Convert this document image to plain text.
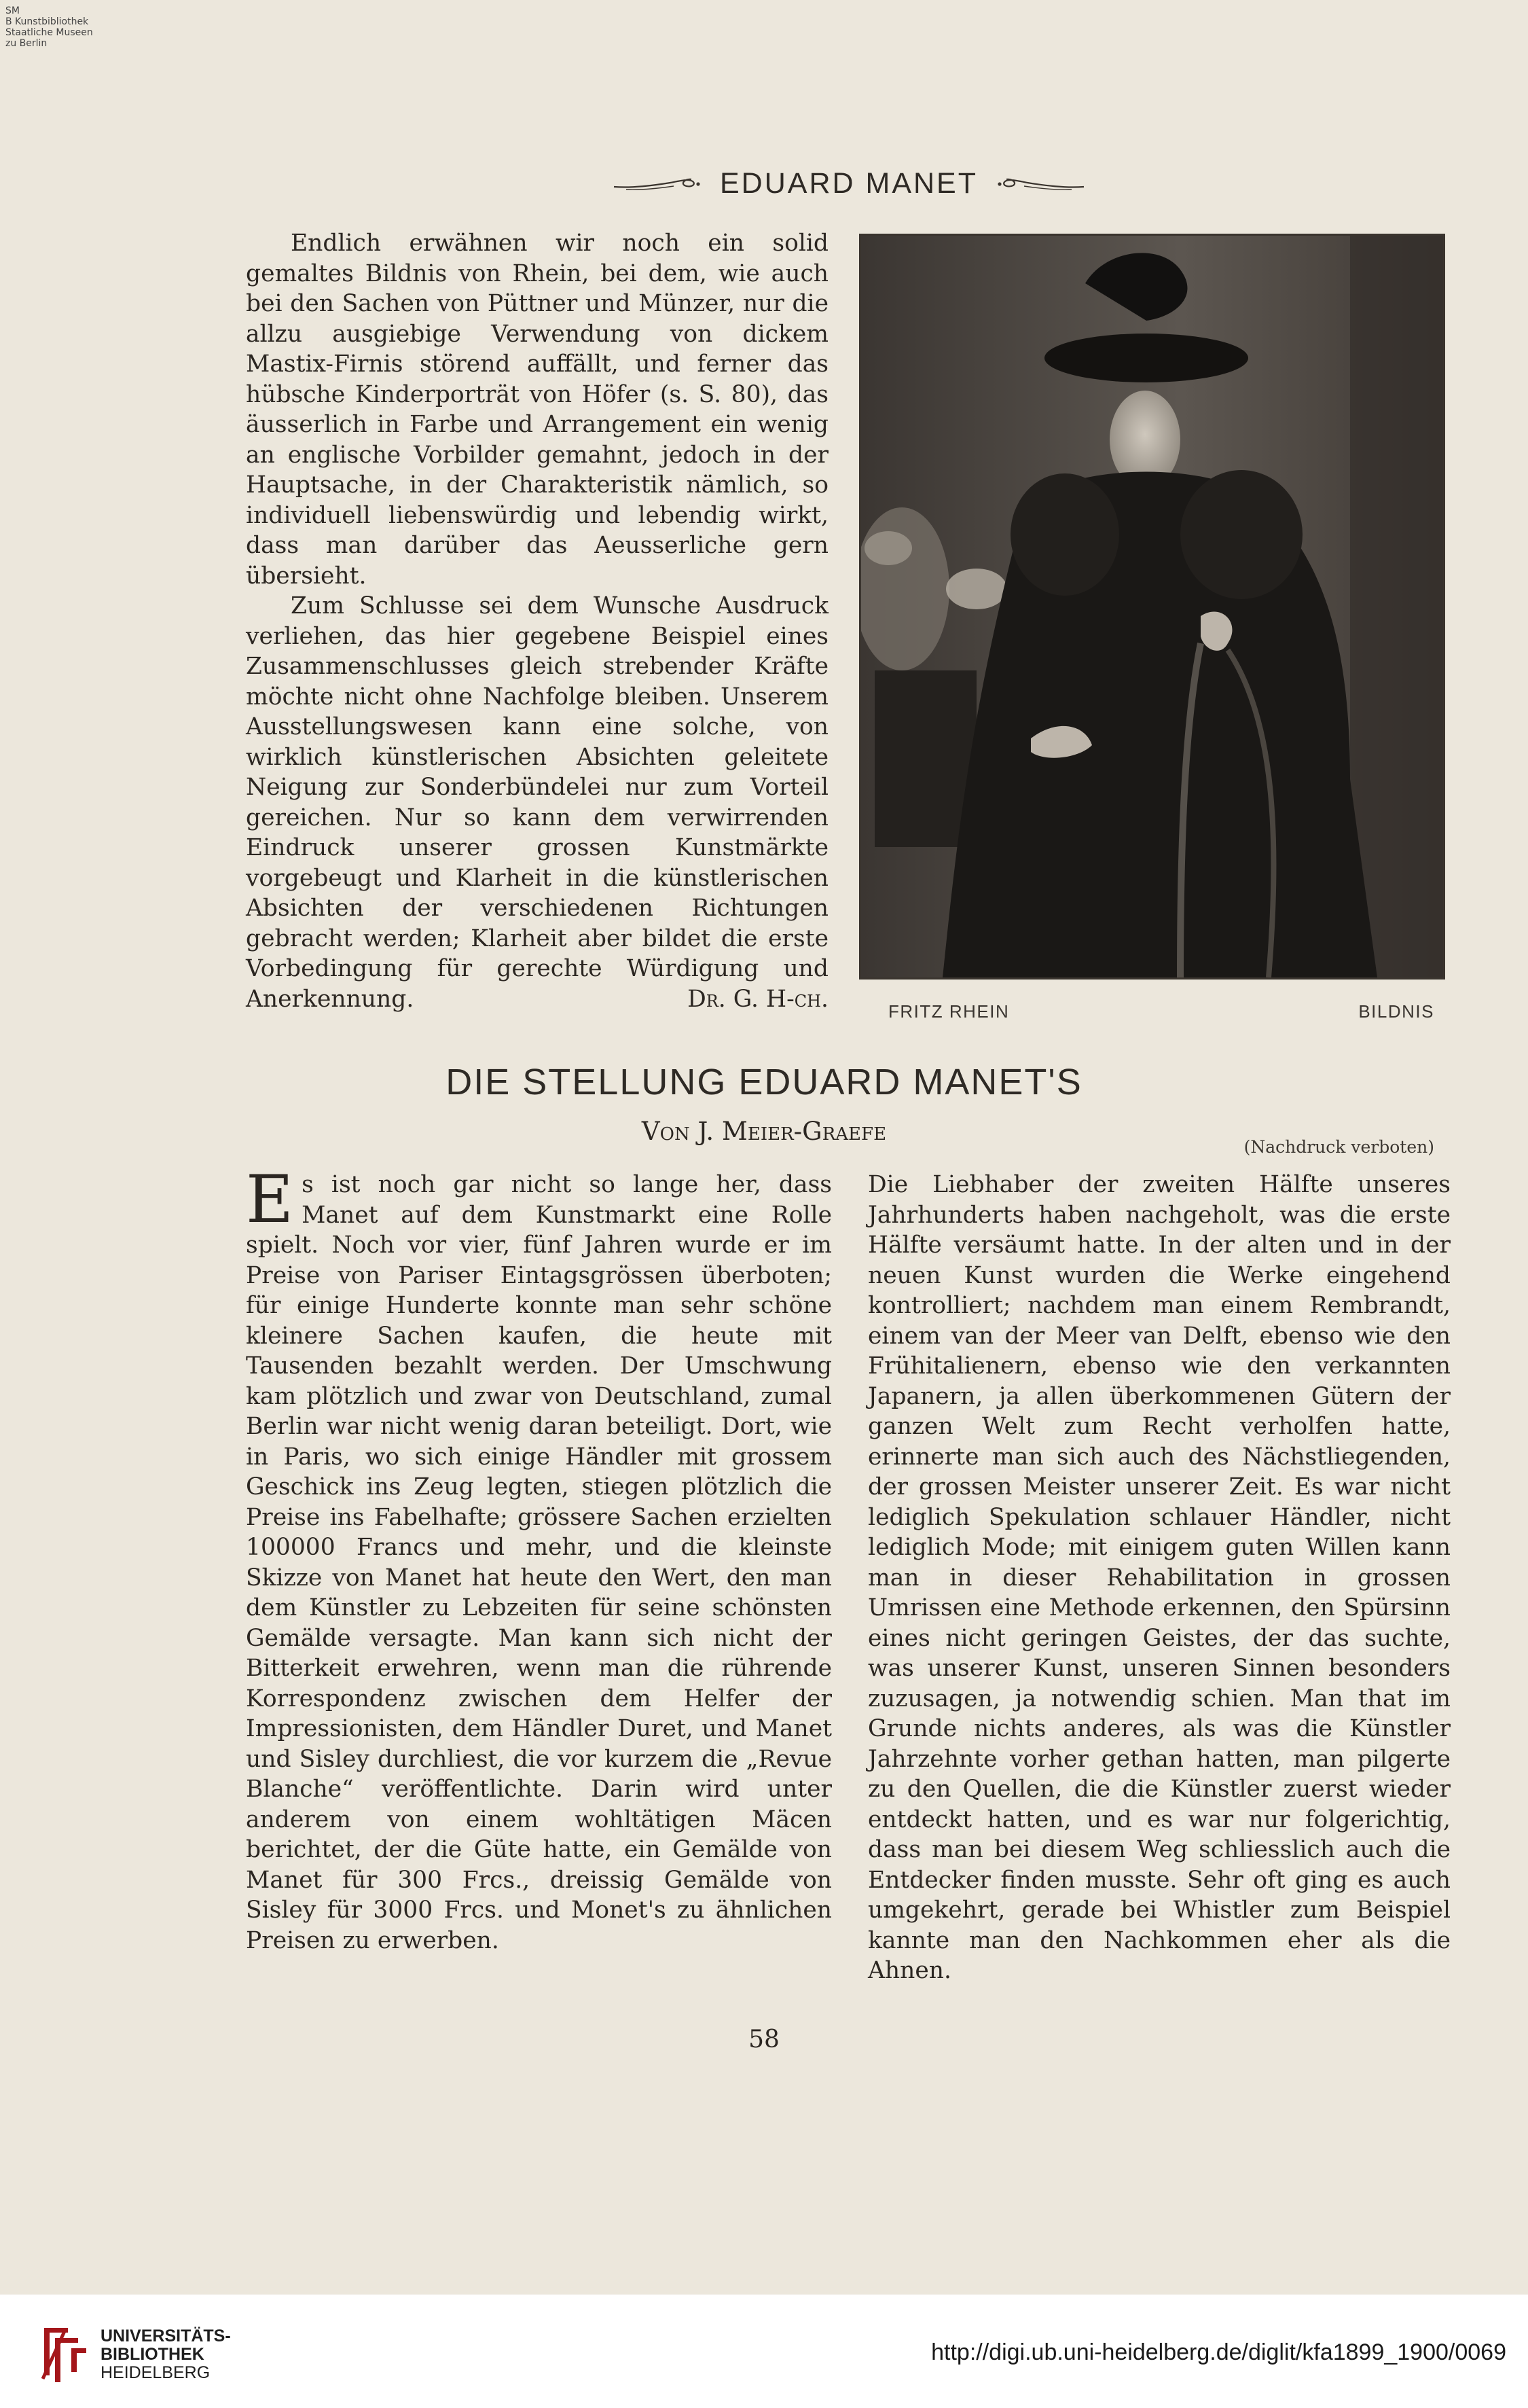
SM
B Kunstbibliothek
Staatliche Museen
zu Berlin
EDUARD MANET

Endlich erwähnen wir noch ein solid gemaltes Bildnis von Rhein, bei dem, wie auch bei den Sachen von Püttner und Münzer, nur die allzu ausgiebige Verwendung von dickem Mastix-Firnis störend auffällt, und ferner das hübsche Kinderporträt von Höfer (s. S. 80), das äusserlich in Farbe und Arrangement ein wenig an englische Vorbilder gemahnt, jedoch in der Hauptsache, in der Charakteristik nämlich, so individuell liebenswürdig und lebendig wirkt, dass man darüber das Aeusserliche gern übersieht.

Zum Schlusse sei dem Wunsche Ausdruck verliehen, das hier gegebene Beispiel eines Zusammenschlusses gleich strebender Kräfte möchte nicht ohne Nachfolge bleiben. Unserem Ausstellungswesen kann eine solche, von wirklich künstlerischen Absichten geleitete Neigung zur Sonderbündelei nur zum Vorteil gereichen. Nur so kann dem verwirrenden Eindruck unserer grossen Kunstmärkte vorgebeugt und Klarheit in die künstlerischen Absichten der verschiedenen Richtungen gebracht werden; Klarheit aber bildet die erste Vorbedingung für gerechte Würdigung und Anerkennung.	Dr. G. H-ch.	FRITZ RHEIN	BILDNIS
DIE STELLUNG EDUARD MANET'S
Von J. Meier-Graefe
(Nachdruck verboten)

E s ist noch gar nicht so lange her, dass Manet auf dem Kunstmarkt eine Rolle spielt. Noch vor vier, fünf Jahren wurde er im Preise von Pariser Eintagsgrössen überboten; für einige Hunderte konnte man sehr schöne kleinere Sachen kaufen, die heute mit Tausenden bezahlt werden. Der Umschwung kam plötzlich und zwar von Deutschland, zumal Berlin war nicht wenig daran beteiligt. Dort, wie in Paris, wo sich einige Händler mit grossem Geschick ins Zeug legten, stiegen plötzlich die Preise ins Fabelhafte; grössere Sachen erzielten 100000 Francs und mehr, und die kleinste Skizze von Manet hat heute den Wert, den man dem Künstler zu Lebzeiten für seine schönsten Gemälde versagte. Man kann sich nicht der Bitterkeit erwehren, wenn man die rührende Korrespondenz zwischen dem Helfer der Impressionisten, dem Händler Duret, und Manet und Sisley durchliest, die vor kurzem die „Revue Blanche“ veröffentlichte. Darin wird unter anderem von einem wohltätigen Mäcen berichtet, der die Güte hatte, ein Gemälde von Manet für 300 Frcs., dreissig Gemälde von Sisley für 3000 Frcs. und Monet's zu ähnlichen Preisen zu erwerben.

Die Liebhaber der zweiten Hälfte unseres Jahrhunderts haben nachgeholt, was die erste Hälfte versäumt hatte. In der alten und in der neuen Kunst wurden die Werke eingehend kontrolliert; nachdem man einem Rembrandt, einem van der Meer van Delft, ebenso wie den Frühitalienern, ebenso wie den verkannten Japanern, ja allen überkommenen Gütern der ganzen Welt zum Recht verholfen hatte, erinnerte man sich auch des Nächstliegenden, der grossen Meister unserer Zeit. Es war nicht lediglich Spekulation schlauer Händler, nicht lediglich Mode; mit einigem guten Willen kann man in dieser Rehabilitation in grossen Umrissen eine Methode erkennen, den Spürsinn eines nicht geringen Geistes, der das suchte, was unserer Kunst, unseren Sinnen besonders zuzusagen, ja notwendig schien. Man that im Grunde nichts anderes, als was die Künstler Jahrzehnte vorher gethan hatten, man pilgerte zu den Quellen, die die Künstler zuerst wieder entdeckt hatten, und es war nur folgerichtig, dass man bei diesem Weg schliesslich auch die Entdecker finden musste. Sehr oft ging es auch umgekehrt, gerade bei Whistler zum Beispiel kannte man den Nachkommen eher als die Ahnen.

58
UNIVERSITÄTS-
BIBLIOTHEK
HEIDELBERG
http://digi.ub.uni-heidelberg.de/diglit/kfa1899_1900/0069
